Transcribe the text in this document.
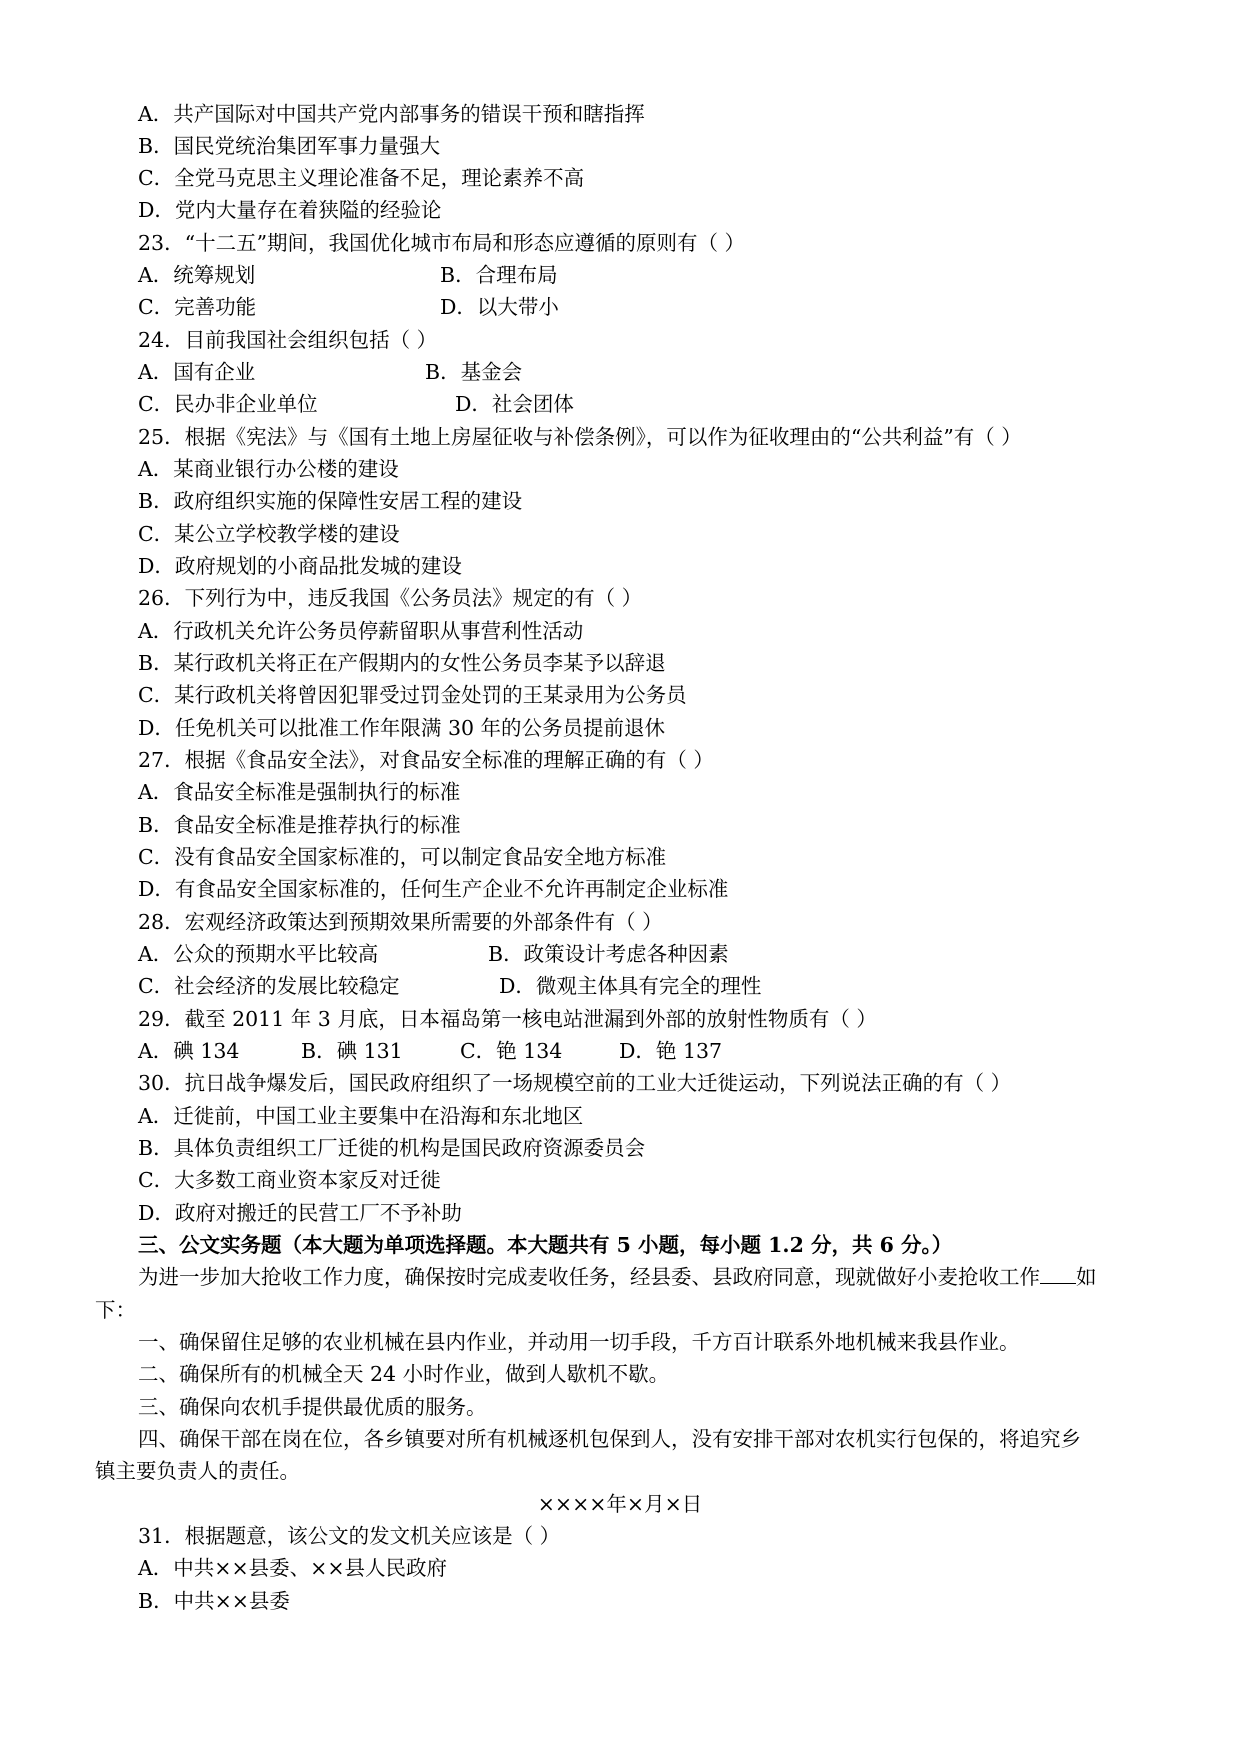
A．共产国际对中国共产党内部事务的错误干预和瞎指挥
B．国民党统治集团军事力量强大
C．全党马克思主义理论准备不足，理论素养不高
D．党内大量存在着狭隘的经验论
23．“十二五”期间，我国优化城市布局和形态应遵循的原则有（ ）
A．统筹规划	B．合理布局
C．完善功能	D．以大带小
24．目前我国社会组织包括（ ）
A．国有企业	B．基金会
C．民办非企业单位	D．社会团体
25．根据《宪法》与《国有土地上房屋征收与补偿条例》，可以作为征收理由的“公共利益”有（ ）
A．某商业银行办公楼的建设
B．政府组织实施的保障性安居工程的建设
C．某公立学校教学楼的建设
D．政府规划的小商品批发城的建设
26．下列行为中，违反我国《公务员法》规定的有（ ）
A．行政机关允许公务员停薪留职从事营利性活动
B．某行政机关将正在产假期内的女性公务员李某予以辞退
C．某行政机关将曾因犯罪受过罚金处罚的王某录用为公务员
D．任免机关可以批准工作年限满 30 年的公务员提前退休
27．根据《食品安全法》，对食品安全标准的理解正确的有（ ）
A．食品安全标准是强制执行的标准
B．食品安全标准是推荐执行的标准
C．没有食品安全国家标准的，可以制定食品安全地方标准
D．有食品安全国家标准的，任何生产企业不允许再制定企业标准
28．宏观经济政策达到预期效果所需要的外部条件有（ ）
A．公众的预期水平比较高	B．政策设计考虑各种因素
C．社会经济的发展比较稳定	D．微观主体具有完全的理性
29．截至 2011 年 3 月底，日本福岛第一核电站泄漏到外部的放射性物质有（ ）
A．碘 134	B．碘 131	C．铯 134	D．铯 137
30．抗日战争爆发后，国民政府组织了一场规模空前的工业大迁徙运动，下列说法正确的有（ ）
A．迁徙前，中国工业主要集中在沿海和东北地区
B．具体负责组织工厂迁徙的机构是国民政府资源委员会
C．大多数工商业资本家反对迁徙
D．政府对搬迁的民营工厂不予补助
三、公文实务题（本大题为单项选择题。本大题共有 5 小题，每小题 1.2 分，共 6 分。）
为进一步加大抢收工作力度，确保按时完成麦收任务，经县委、县政府同意，现就做好小麦抢收工作 如
下：
一、确保留住足够的农业机械在县内作业，并动用一切手段，千方百计联系外地机械来我县作业。
二、确保所有的机械全天 24 小时作业，做到人歇机不歇。
三、确保向农机手提供最优质的服务。
四、确保干部在岗在位，各乡镇要对所有机械逐机包保到人，没有安排干部对农机实行包保的，将追究乡
镇主要负责人的责任。
××××年×月×日
31．根据题意，该公文的发文机关应该是（ ）
A．中共××县委、××县人民政府
B．中共××县委
